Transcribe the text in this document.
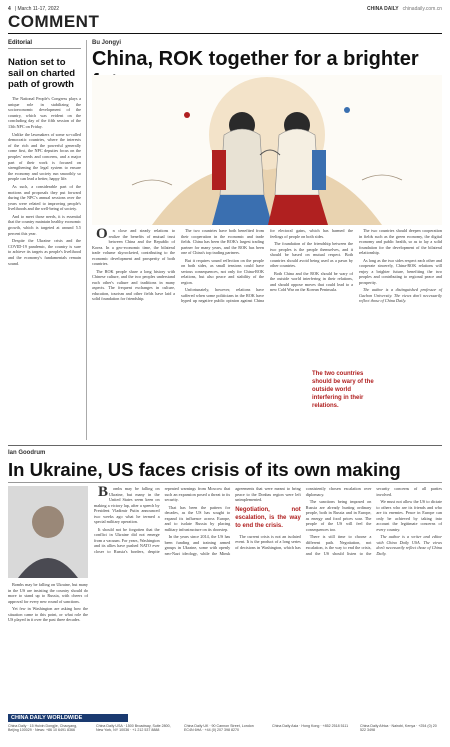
4 | March 11-17, 2022	CHINA DAILY chinadaily.com.cn
COMMENT
Editorial
Nation set to sail on charted path of growth

The National People's Congress plays a unique role in stabilizing the socioeconomic development of the country, which was evident on the concluding day of the fifth session of the 13th NPC on Friday.

Unlike the lawmakers of some so-called democratic countries, where the interests of the rich and the powerful generally come first, the NPC deputies focus on the peoples' needs and concerns, and a major part of their work is focused on strengthening the legal system to ensure the economy and society run smoothly so people can lead a better, happy life.

As such, a considerable part of the motions and proposals they put forward during the NPC's annual sessions over the years were related to improving people's livelihoods and the well-being of society.

And to meet those needs, it is essential that the country maintain healthy economic growth, which is targeted at around 5.5 percent this year.

Despite the Ukraine crisis and the COVID-19 pandemic, the country is sure to achieve its targets as people's livelihood and the economy's fundamentals remain sound.

Bu Jongyi
China, ROK together for a brighter

On close and steady relations to realize the benefits of mutual trust between China and the Republic of Korea. In a geo-economic time, the bilateral trade volume skyrocketed, contributing to the economic development and prosperity of both countries.

The ROK people share a long history with Chinese culture, and the two peoples understand each other's culture and traditions in many aspects. The frequent exchanges in culture, education, tourism and other fields have laid a solid foundation for friendship.

The two countries have both benefited from their cooperation in the economic and trade fields. China has been the ROK's largest trading partner for many years, and the ROK has been one of China's top trading partners.

But it requires sound reflection on the people on both sides, as small tensions could have serious consequences, not only for China-ROK relations, but also peace and stability of the region.

Unfortunately, however, relations have suffered when some politicians in the ROK have hyped up negative public opinion against China for electoral gains, which has harmed the feelings of people on both sides.

The foundation of the friendship between the two peoples is the people themselves, and it should be based on mutual respect. Both countries should avoid being used as a pawn by other countries.

Both China and the ROK should be wary of the outside world interfering in their relations, and should oppose moves that could lead to a new Cold War on the Korean Peninsula.

The two countries should deepen cooperation in fields such as the green economy, the digital economy and public health, so as to lay a solid foundation for the development of the bilateral relationship.

As long as the two sides respect each other and cooperate sincerely, China-ROK relations will enjoy a brighter future, benefiting the two peoples and contributing to regional peace and prosperity.

The author is a distinguished professor of Gachon University. The views don't necessarily reflect those of China Daily.

The two countries should be wary of the outside world interfering in their relations.
Ian Goodrum
In Ukraine, US faces crisis of its own making

Bombs may be falling on Ukraine, but many in the US are insisting the country should do more to stand up to Russia, with cheers of approval for every new round of sanctions.

Yet few in Washington are asking how the situation came to this point, or what role the US played in it over the past three decades.

Bombs may be falling on Ukraine, but many in the United States seem keen on making a victory lap, after a speech by President Vladimir Putin announced two weeks ago what he termed a special military operation.

It should not be forgotten that the conflict in Ukraine did not emerge from a vacuum. For years, Washington and its allies have pushed NATO ever closer to Russia's borders, despite repeated warnings from Moscow that such an expansion posed a threat to its security.

That has been the pattern for decades, as the US has sought to expand its influence across Europe, and to isolate Russia by placing military infrastructure on its doorstep.

In the years since 2014, the US has been funding and training armed groups in Ukraine, some with openly neo-Nazi ideology, while the Minsk agreements that were meant to bring peace to the Donbas region were left unimplemented.

Negotiation, not escalation, is the way to end the crisis.

The current crisis is not an isolated event. It is the product of a long series of decisions in Washington, which has consistently chosen escalation over diplomacy.

The sanctions being imposed on Russia are already hurting ordinary people, both in Russia and in Europe, as energy and food prices soar. The people of the US will feel the consequences too.

There is still time to choose a different path. Negotiation, not escalation, is the way to end the crisis, and the US should listen to the security concerns of all parties involved.

We must not allow the US to dictate to others who are its friends and who are its enemies. Peace in Europe can only be achieved by taking into account the legitimate concerns of every country.

The author is a writer and editor with China Daily USA. The views don't necessarily reflect those of China Daily.

CHINA DAILY WORLDWIDE
China Daily · 15 Huixin Dongjie, Chaoyang, Beijing 100029 · News: +86 10 6491 8366
China Daily USA · 1500 Broadway, Suite 2800, New York, NY 10036 · +1 212 537 8888
China Daily UK · 90 Cannon Street, London EC4N 6HA · +44 (0) 207 398 8270
China Daily Asia · Hong Kong · +852 2518 5111	China Daily Africa · Nairobi, Kenya · +254 (0) 20 522 3498
